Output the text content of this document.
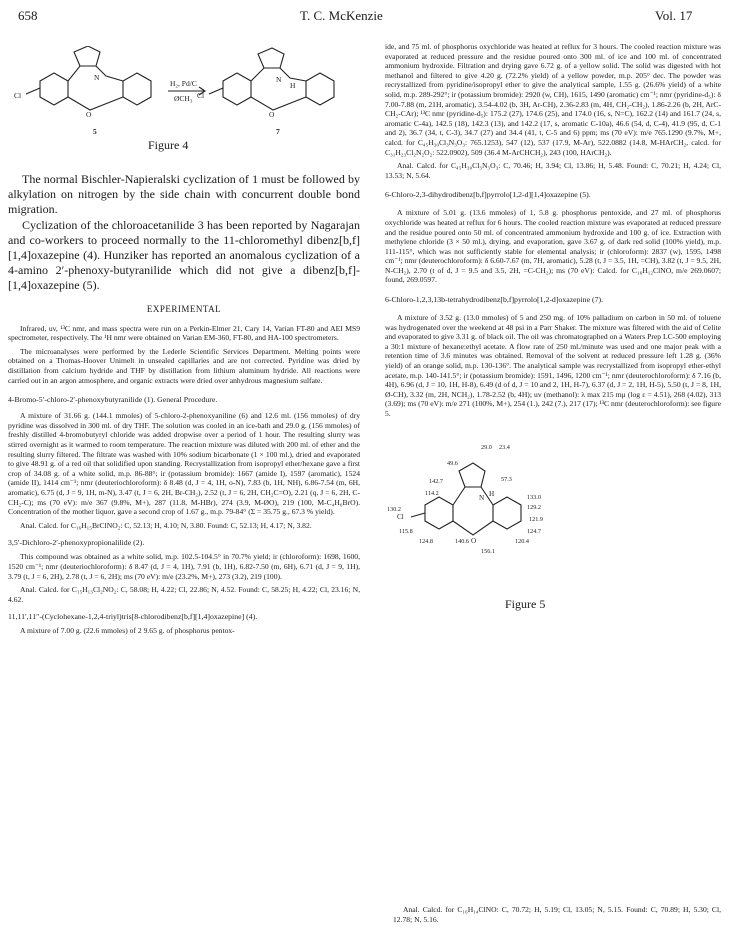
658	T. C. McKenzie	Vol. 17
Cl
N
O
H₂, Pd/C
ØCH₃ Cl
N
H
O
5	7
Figure 4

The normal Bischler-Napieralski cyclization of 1 must be followed by alkylation on nitrogen by the side chain with concurrent double bond migration.

Cyclization of the chloroacetanilide 3 has been reported by Nagarajan and co-workers to proceed normally to the 11-chloromethyl dibenz[b,f][1,4]oxazepine (4). Hunziker has reported an anomalous cyclization of a 4-amino 2′-phenoxy-butyranilide which did not give a dibenz[b,f]-[1,4]oxazepine (5).

EXPERIMENTAL

Infrared, uv, ¹³C nmr, and mass spectra were run on a Perkin-Elmer 21, Cary 14, Varian FT-80 and AEI MS9 spectrometer, respectively. The ¹H nmr were obtained on Varian EM-360, FT-80, and HA-100 spectrometers.

The microanalyses were performed by the Lederle Scientific Services Department. Melting points were obtained on a Thomas-Hoover Unimelt in unsealed capillaries and are not corrected. Pyridine was dried by distillation from calcium hydride and THF by distillation from lithium aluminum hydride. All reactions were carried out in an argon atmosphere, and organic extracts were dried over anhydrous magnesium sulfate.

4-Bromo-5′-chloro-2′-phenoxybutyranilide (1). General Procedure.

A mixture of 31.66 g. (144.1 mmoles) of 5-chloro-2-phenoxyaniline (6) and 12.6 ml. (156 mmoles) of dry pyridine was dissolved in 300 ml. of dry THF. The solution was cooled in an ice-bath and 29.0 g. (156 mmoles) of freshly distilled 4-bromobutyryl chloride was added dropwise over a period of 1 hour. The resulting slurry was stirred overnight as it warmed to room temperature. The reaction mixture was diluted with 200 ml. of ether and the resulting slurry filtered. The filtrate was washed with 10% sodium bicarbonate (1 × 100 ml.), dried and evaporated to give 48.91 g. of a red oil that solidified upon standing. Recrystallization from isopropyl ether/hexane gave a first crop of 34.08 g. of a white solid, m.p. 86-88°; ir (potassium bromide): 1667 (amide I), 1597 (aromatic), 1524 (amide II), 1414 cm⁻¹; nmr (deuteriochloroform): δ 8.48 (d, J = 4, 1H, o-N), 7.83 (b, 1H, NH), 6.86-7.54 (m, 6H, aromatic), 6.75 (d, J = 9, 1H, m-N), 3.47 (t, J = 6, 2H, Br-CH₂), 2.52 (t, J = 6, 2H, CH₂C=O), 2.21 (q, J = 6, 2H, C-CH₂-C); ms (70 eV): m/e 367 (9.8%, M+), 287 (11.8, M-HBr), 274 (3.9, M-ØO), 219 (100, M-C₄H₆BrO). Concentration of the mother liquor, gave a second crop of 1.67 g., m.p. 79-84° (Σ = 35.75 g., 67.3 % yield).

Anal. Calcd. for C₁₆H₁₅BrClNO₂: C, 52.13; H, 4.10; N, 3.80. Found: C, 52.13; H, 4.17; N, 3.82.

3,5′-Dichloro-2′-phenoxypropionalilide (2).

This compound was obtained as a white solid, m.p. 102.5-104.5° in 70.7% yield; ir (chloroform): 1698, 1600, 1520 cm⁻¹; nmr (deuteriochloroform): δ 8.47 (d, J = 4, 1H), 7.91 (b, 1H), 6.82-7.50 (m, 6H), 6.71 (d, J = 9, 1H), 3.79 (t, J = 6, 2H), 2.78 (t, J = 6, 2H); ms (70 eV): m/e (23.2%, M+), 273 (3.2), 219 (100).

Anal. Calcd. for C₁₅H₁₃Cl₂NO₂: C, 58.08; H, 4.22; Cl, 22.86; N, 4.52. Found: C, 58.25; H, 4.22; Cl, 23.16; N, 4.62.

11,11′,11″-(Cyclohexane-1,2,4-triyl)tris[8-chlorodibenz[b,f][1,4]oxazepine] (4).

A mixture of 7.00 g. (22.6 mmoles) of 2 9.65 g. of phosphorus pentox-

ide, and 75 ml. of phosphorus oxychloride was heated at reflux for 3 hours. The cooled reaction mixture was evaporated at reduced pressure and the residue poured onto 300 ml. of ice and 100 ml. of concentrated ammonium hydroxide. Filtration and drying gave 6.72 g. of a yellow solid. The solid was digested with hot methanol and filtered to give 4.20 g. (72.2% yield) of a yellow powder, m.p. 205° dec. The powder was recrystallized from pyridine/isopropyl ether to give the analytical sample, 1.55 g. (26.6% yield) of a white solid, m.p. 289-292°; ir (potassium bromide): 2920 (w, CH), 1615, 1490 (aromatic) cm⁻¹; nmr (pyridine-d₅): δ 7.00-7.88 (m, 21H, aromatic), 3.54-4.02 (b, 3H, Ar-CH), 2.36-2.83 (m, 4H, CH₂-CH₂), 1.86-2.26 (b, 2H, ArC-CH₂-CAr); ¹³C nmr (pyridine-d₅): 175.2 (27), 174.6 (25), and 174.0 (16, s, N=C), 162.2 (14) and 161.7 (24, s, aromatic C-4a), 142.5 (18), 142.3 (13), and 142.2 (17, s, aromatic C-10a), 46.6 (54, d, C-4), 41.9 (95, d, C-1 and 2), 36.7 (34, t, C-3), 34.7 (27) and 34.4 (41, t, C-5 and 6) ppm; ms (70 eV): m/e 765.1290 (9.7%, M+, calcd. for C₄₅H₃₀Cl₃N₃O₃: 765.1253), 547 (12), 537 (17.9, M-Ar), 522.0882 (14.8, M-HArCH₂, calcd. for C₃₁H₂₃Cl₂N₂O₂: 522.0902), 509 (36.4 M-ArCHCH₂), 243 (100, HArCH₂).

Anal. Calcd. for C₄₅H₃₀Cl₃N₃O₃: C, 70.46; H, 3.94; Cl, 13.86; H, 5.48. Found: C, 70.21; H, 4.24; Cl, 13.53; N, 5.64.

6-Chloro-2,3-dihydrodibenz[b,f]pyrrolo[1,2-d][1,4]oxazepine (5).

A mixture of 5.01 g. (13.6 mmoles) of 1, 5.8 g. phosphorus pentoxide, and 27 ml. of phosphorus oxychloride was heated at reflux for 6 hours. The cooled reaction mixture was evaporated at reduced pressure and the residue poured onto 50 ml. of concentrated ammonium hydroxide and 100 g. of ice. Extraction with methylene chloride (3 × 50 ml.), drying, and evaporation, gave 3.67 g. of dark red solid (100% yield), m.p. 111-115°, which was not sufficiently stable for elemental analysis; ir (chloroform): 2837 (w), 1595, 1498 cm⁻¹; nmr (deuterochloroform): δ 6.60-7.67 (m, 7H, aromatic), 5.28 (t, J = 3.5, 1H, =CH), 3.82 (t, J = 9.5, 2H, N-CH₂), 2.70 (t of d, J = 9.5 and 3.5, 2H, =C-CH₂); ms (70 eV): Calcd. for C₁₆H₁₂ClNO, m/e 269.0607; found, 269.0597.

6-Chloro-1,2,3,13b-tetrahydrodibenz[b,f]pyrrolo[1,2-d]oxazepine (7).

A mixture of 3.52 g. (13.0 mmoles) of 5 and 250 mg. of 10% palladium on carbon in 50 ml. of toluene was hydrogenated over the weekend at 48 psi in a Parr Shaker. The mixture was filtered with the aid of Celite and evaporated to give 3.31 g. of black oil. The oil was chromatographed on a Waters Prep LC-500 employing a 30:1 mixture of hexane:ethyl acetate. A flow rate of 250 ml./minute was used and one major peak with a retention time of 3.6 minutes was obtained. Removal of the solvent at reduced pressure left 1.28 g. (36% yield) of an orange solid, m.p. 130-136°. The analytical sample was recrystallized from isopropyl ether-ethyl acetate, m.p. 140-141.5°; ir (potassium bromide): 1591, 1496, 1200 cm⁻¹; nmr (deuterochloroform): δ 7.16 (b, 4H), 6.96 (d, J = 10, 1H, H-8), 6.49 (d of d, J = 10 and 2, 1H, H-7), 6.37 (d, J = 2, 1H, H-5), 5.50 (t, J = 8, 1H, Ø-CH), 3.32 (m, 2H, NCH₂), 1.78-2.52 (b, 4H); uv (methanol): λ max 215 mμ (log ε = 4.51), 268 (4.02), 313 (3.69); ms (70 eV): m/e 271 (100%, M+), 254 (1.), 242 (7.), 217 (17); ¹³C nmr (deuterochloroform): see figure 5.

29.0 23.4
49.6
142.7
114.2
57.3
133.0
129.2
121.9
130.2
124.7
115.8
124.8	140.6	120.4
156.1
Cl
N H
O
Figure 5

Anal. Calcd. for C₁₆H₁₄ClNO: C, 70.72; H, 5.19; Cl, 13.05; N, 5.15. Found: C, 70.89; H, 5.30; Cl, 12.78; N, 5.16.
